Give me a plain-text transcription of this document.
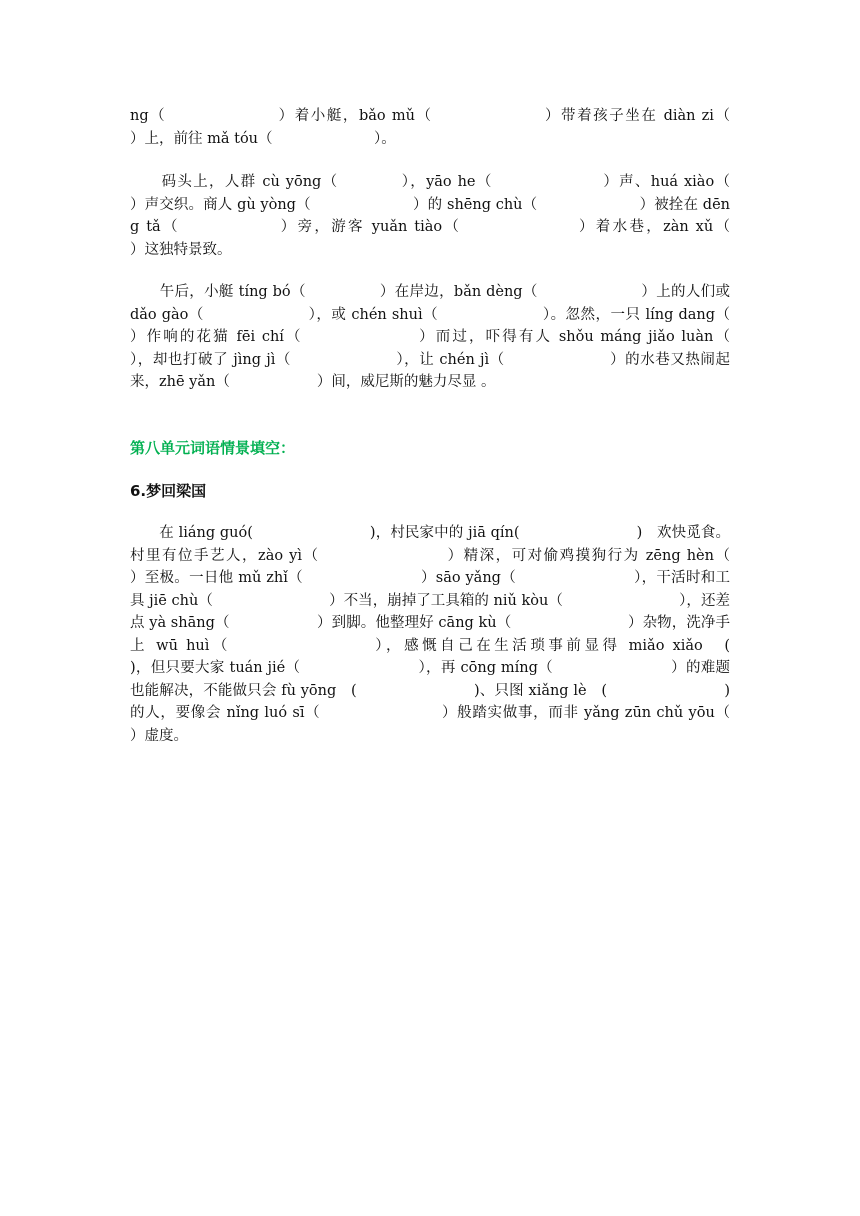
ng（　　　　　　　）着小艇，bǎo mǔ（　　　　　　　）带着孩子坐在 diàn zi（　　　　　　　）上，前往 mǎ tóu（　　　　　　　）。

　　码头上，人群 cù yōng（　　　　），yāo he（　　　　　　　）声、huá xiào（　　　　　　　）声交织。商人 gù yòng（　　　　　　　）的 shēng chù（　　　　　　　）被拴在 dēng tǎ（　　　　　　）旁，游客 yuǎn tiào（　　　　　　　）着水巷，zàn xǔ（　　　　　　　）这独特景致。

　　午后，小艇 tíng bó（　　　　　）在岸边，bǎn dèng（　　　　　　　）上的人们或 dǎo gào（　　　　　　　），或 chén shuì（　　　　　　　）。忽然，一只 líng dang（　　　　　　　）作响的花猫 fēi chí（　　　　　　　）而过，吓得有人 shǒu máng jiǎo luàn（　　　　　　），却也打破了 jìng jì（　　　　　　　），让 chén jì（　　　　　　　）的水巷又热闹起来，zhē yǎn（　　　　　　）间，威尼斯的魅力尽显 。

第八单元词语情景填空：
6.梦回梁国

　　在 liáng guó(　　　　　　　　)，村民家中的 jiā qín(　　　　　　　　)　欢快觅食。村里有位手艺人，zào yì（　　　　　　　　）精深，可对偷鸡摸狗行为 zēng hèn（　　　　　　　　）至极。一日他 mǔ zhǐ（　　　　　　　　）sāo yǎng（　　　　　　　　），干活时和工具 jiē chù（　　　　　　　　）不当，崩掉了工具箱的 niǔ kòu（　　　　　　　　），还差点 yà shāng（　　　　　　）到脚。他整理好 cāng kù（　　　　　　　　）杂物，洗净手上 wū huì（　　　　　　　　），感慨自己在生活琐事前显得 miǎo xiǎo　(　　　　　　　　)，但只要大家 tuán jié（　　　　　　　　），再 cōng míng（　　　　　　　　）的难题也能解决，不能做只会 fù yōng　(　　　　　　　　)、只图 xiǎng lè　(　　　　　　　　)的人，要像会 nǐng luó sī（　　　　　　　　）般踏实做事，而非 yǎng zūn chǔ yōu（　　　　　　　　）虚度。
